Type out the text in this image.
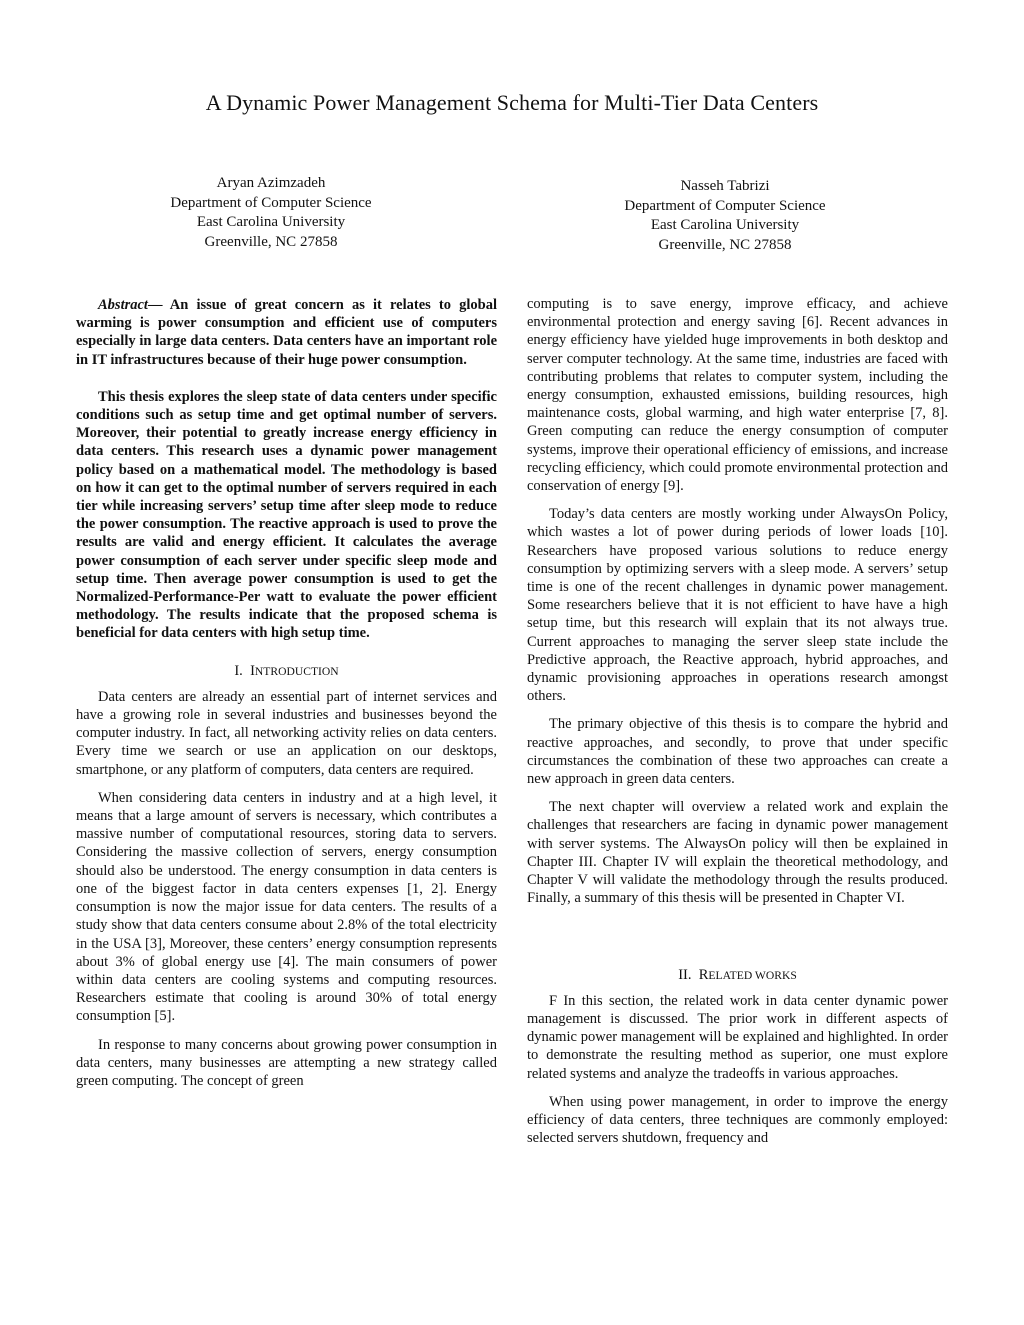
A Dynamic Power Management Schema for Multi-Tier Data Centers
Aryan Azimzadeh
Department of Computer Science
East Carolina University
Greenville, NC 27858
Nasseh Tabrizi
Department of Computer Science
East Carolina University
Greenville, NC 27858

Abstract— An issue of great concern as it relates to global warming is power consumption and efficient use of computers especially in large data centers. Data centers have an important role in IT infrastructures because of their huge power consumption.

This thesis explores the sleep state of data centers under specific conditions such as setup time and get optimal number of servers. Moreover, their potential to greatly increase energy efficiency in data centers. This research uses a dynamic power management policy based on a mathematical model. The methodology is based on how it can get to the optimal number of servers required in each tier while increasing servers’ setup time after sleep mode to reduce the power consumption. The reactive approach is used to prove the results are valid and energy efficient. It calculates the average power consumption of each server under specific sleep mode and setup time. Then average power consumption is used to get the Normalized-Performance-Per watt to evaluate the power efficient methodology. The results indicate that the proposed schema is beneficial for data centers with high setup time.

I. INTRODUCTION

Data centers are already an essential part of internet services and have a growing role in several industries and businesses beyond the computer industry. In fact, all networking activity relies on data centers. Every time we search or use an application on our desktops, smartphone, or any platform of computers, data centers are required.

When considering data centers in industry and at a high level, it means that a large amount of servers is necessary, which contributes a massive number of computational resources, storing data to servers. Considering the massive collection of servers, energy consumption should also be understood. The energy consumption in data centers is one of the biggest factor in data centers expenses [1, 2]. Energy consumption is now the major issue for data centers. The results of a study show that data centers consume about 2.8% of the total electricity in the USA [3], Moreover, these centers’ energy consumption represents about 3% of global energy use [4]. The main consumers of power within data centers are cooling systems and computing resources. Researchers estimate that cooling is around 30% of total energy consumption [5].

In response to many concerns about growing power consumption in data centers, many businesses are attempting a new strategy called green computing. The concept of green

computing is to save energy, improve efficacy, and achieve environmental protection and energy saving [6]. Recent advances in energy efficiency have yielded huge improvements in both desktop and server computer technology. At the same time, industries are faced with contributing problems that relates to computer system, including the energy consumption, exhausted emissions, building resources, high maintenance costs, global warming, and high water enterprise [7, 8]. Green computing can reduce the energy consumption of computer systems, improve their operational efficiency of emissions, and increase recycling efficiency, which could promote environmental protection and conservation of energy [9].

Today’s data centers are mostly working under AlwaysOn Policy, which wastes a lot of power during periods of lower loads [10]. Researchers have proposed various solutions to reduce energy consumption by optimizing servers with a sleep mode. A servers’ setup time is one of the recent challenges in dynamic power management. Some researchers believe that it is not efficient to have have a high setup time, but this research will explain that its not always true. Current approaches to managing the server sleep state include the Predictive approach, the Reactive approach, hybrid approaches, and dynamic provisioning approaches in operations research amongst others.

The primary objective of this thesis is to compare the hybrid and reactive approaches, and secondly, to prove that under specific circumstances the combination of these two approaches can create a new approach in green data centers.

The next chapter will overview a related work and explain the challenges that researchers are facing in dynamic power management with server systems. The AlwaysOn policy will then be explained in Chapter III. Chapter IV will explain the theoretical methodology, and Chapter V will validate the methodology through the results produced. Finally, a summary of this thesis will be presented in Chapter VI.

II. RELATED WORKS

F In this section, the related work in data center dynamic power management is discussed. The prior work in different aspects of dynamic power management will be explained and highlighted. In order to demonstrate the resulting method as superior, one must explore related systems and analyze the tradeoffs in various approaches.

When using power management, in order to improve the energy efficiency of data centers, three techniques are commonly employed: selected servers shutdown, frequency and
